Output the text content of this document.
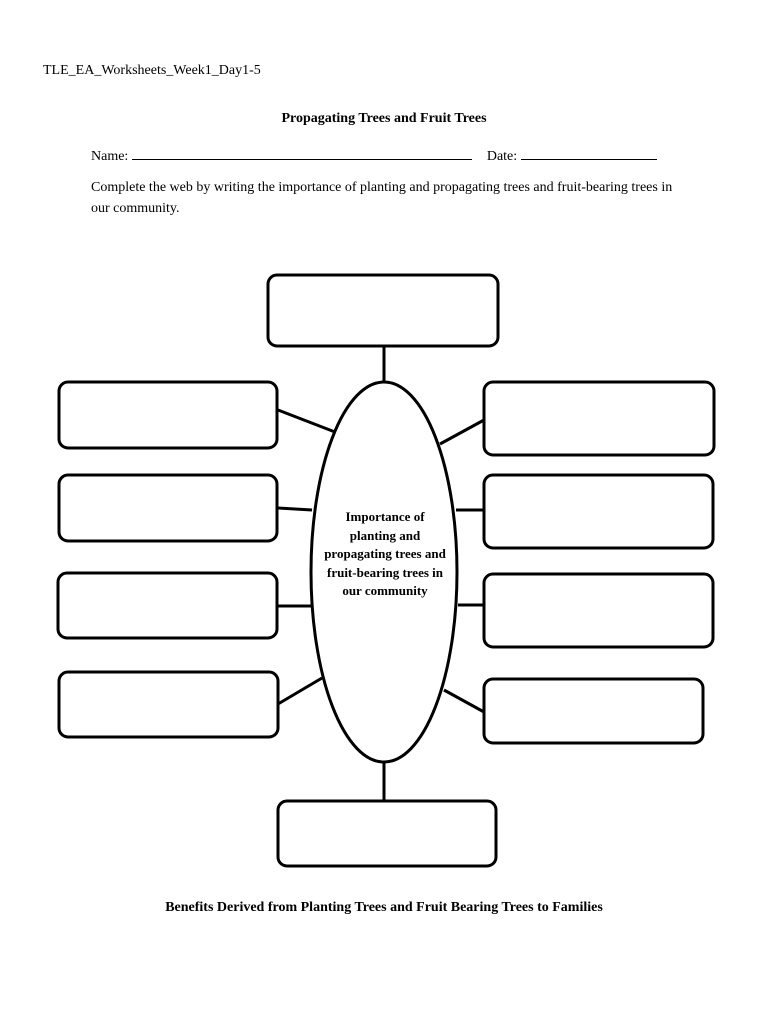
TLE_EA_Worksheets_Week1_Day1-5
Propagating Trees and Fruit Trees
Name:	Date:
Complete the web by writing the importance of planting and propagating trees and fruit-bearing trees in our community.
Importance of planting and propagating trees and fruit-bearing trees in our community
Benefits Derived from Planting Trees and Fruit Bearing Trees to Families
